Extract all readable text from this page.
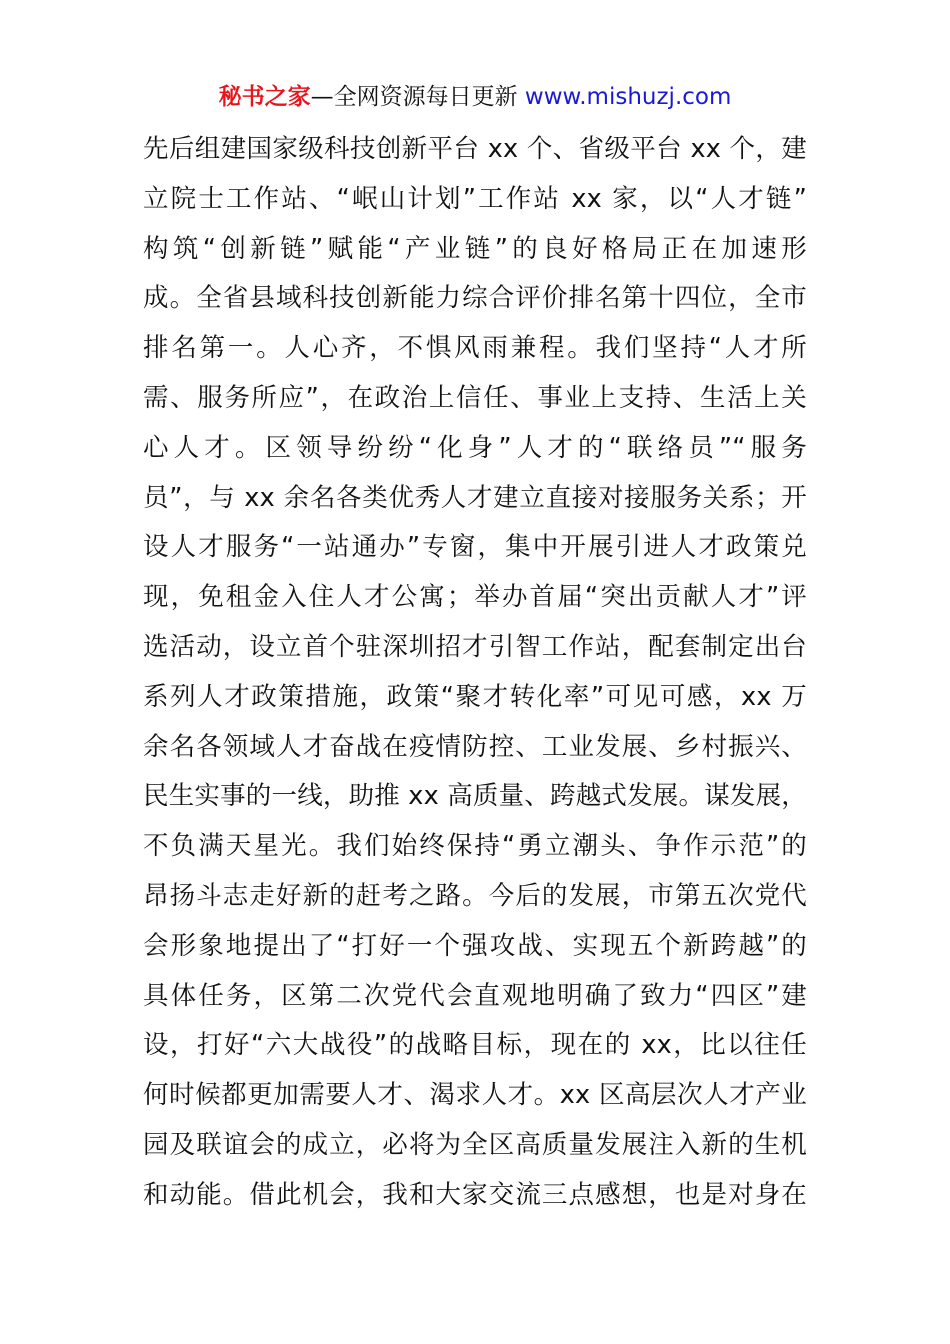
秘书之家—全网资源每日更新 www.mishuzj.com
先后组建国家级科技创新平台 xx 个、省级平台 xx 个，建
立院士工作站、“岷山计划”工作站 xx 家，以“人才链”
构筑“创新链”赋能“产业链”的良好格局正在加速形
成。全省县域科技创新能力综合评价排名第十四位，全市
排名第一。人心齐，不惧风雨兼程。我们坚持“人才所
需、服务所应”，在政治上信任、事业上支持、生活上关
心人才。区领导纷纷“化身”人才的“联络员”“服务
员”，与 xx 余名各类优秀人才建立直接对接服务关系；开
设人才服务“一站通办”专窗，集中开展引进人才政策兑
现，免租金入住人才公寓；举办首届“突出贡献人才”评
选活动，设立首个驻深圳招才引智工作站，配套制定出台
系列人才政策措施，政策“聚才转化率”可见可感，xx 万
余名各领域人才奋战在疫情防控、工业发展、乡村振兴、
民生实事的一线，助推 xx 高质量、跨越式发展。谋发展，
不负满天星光。我们始终保持“勇立潮头、争作示范”的
昂扬斗志走好新的赶考之路。今后的发展，市第五次党代
会形象地提出了“打好一个强攻战、实现五个新跨越”的
具体任务，区第二次党代会直观地明确了致力“四区”建
设，打好“六大战役”的战略目标，现在的 xx，比以往任
何时候都更加需要人才、渴求人才。xx 区高层次人才产业
园及联谊会的成立，必将为全区高质量发展注入新的生机
和动能。借此机会，我和大家交流三点感想，也是对身在
